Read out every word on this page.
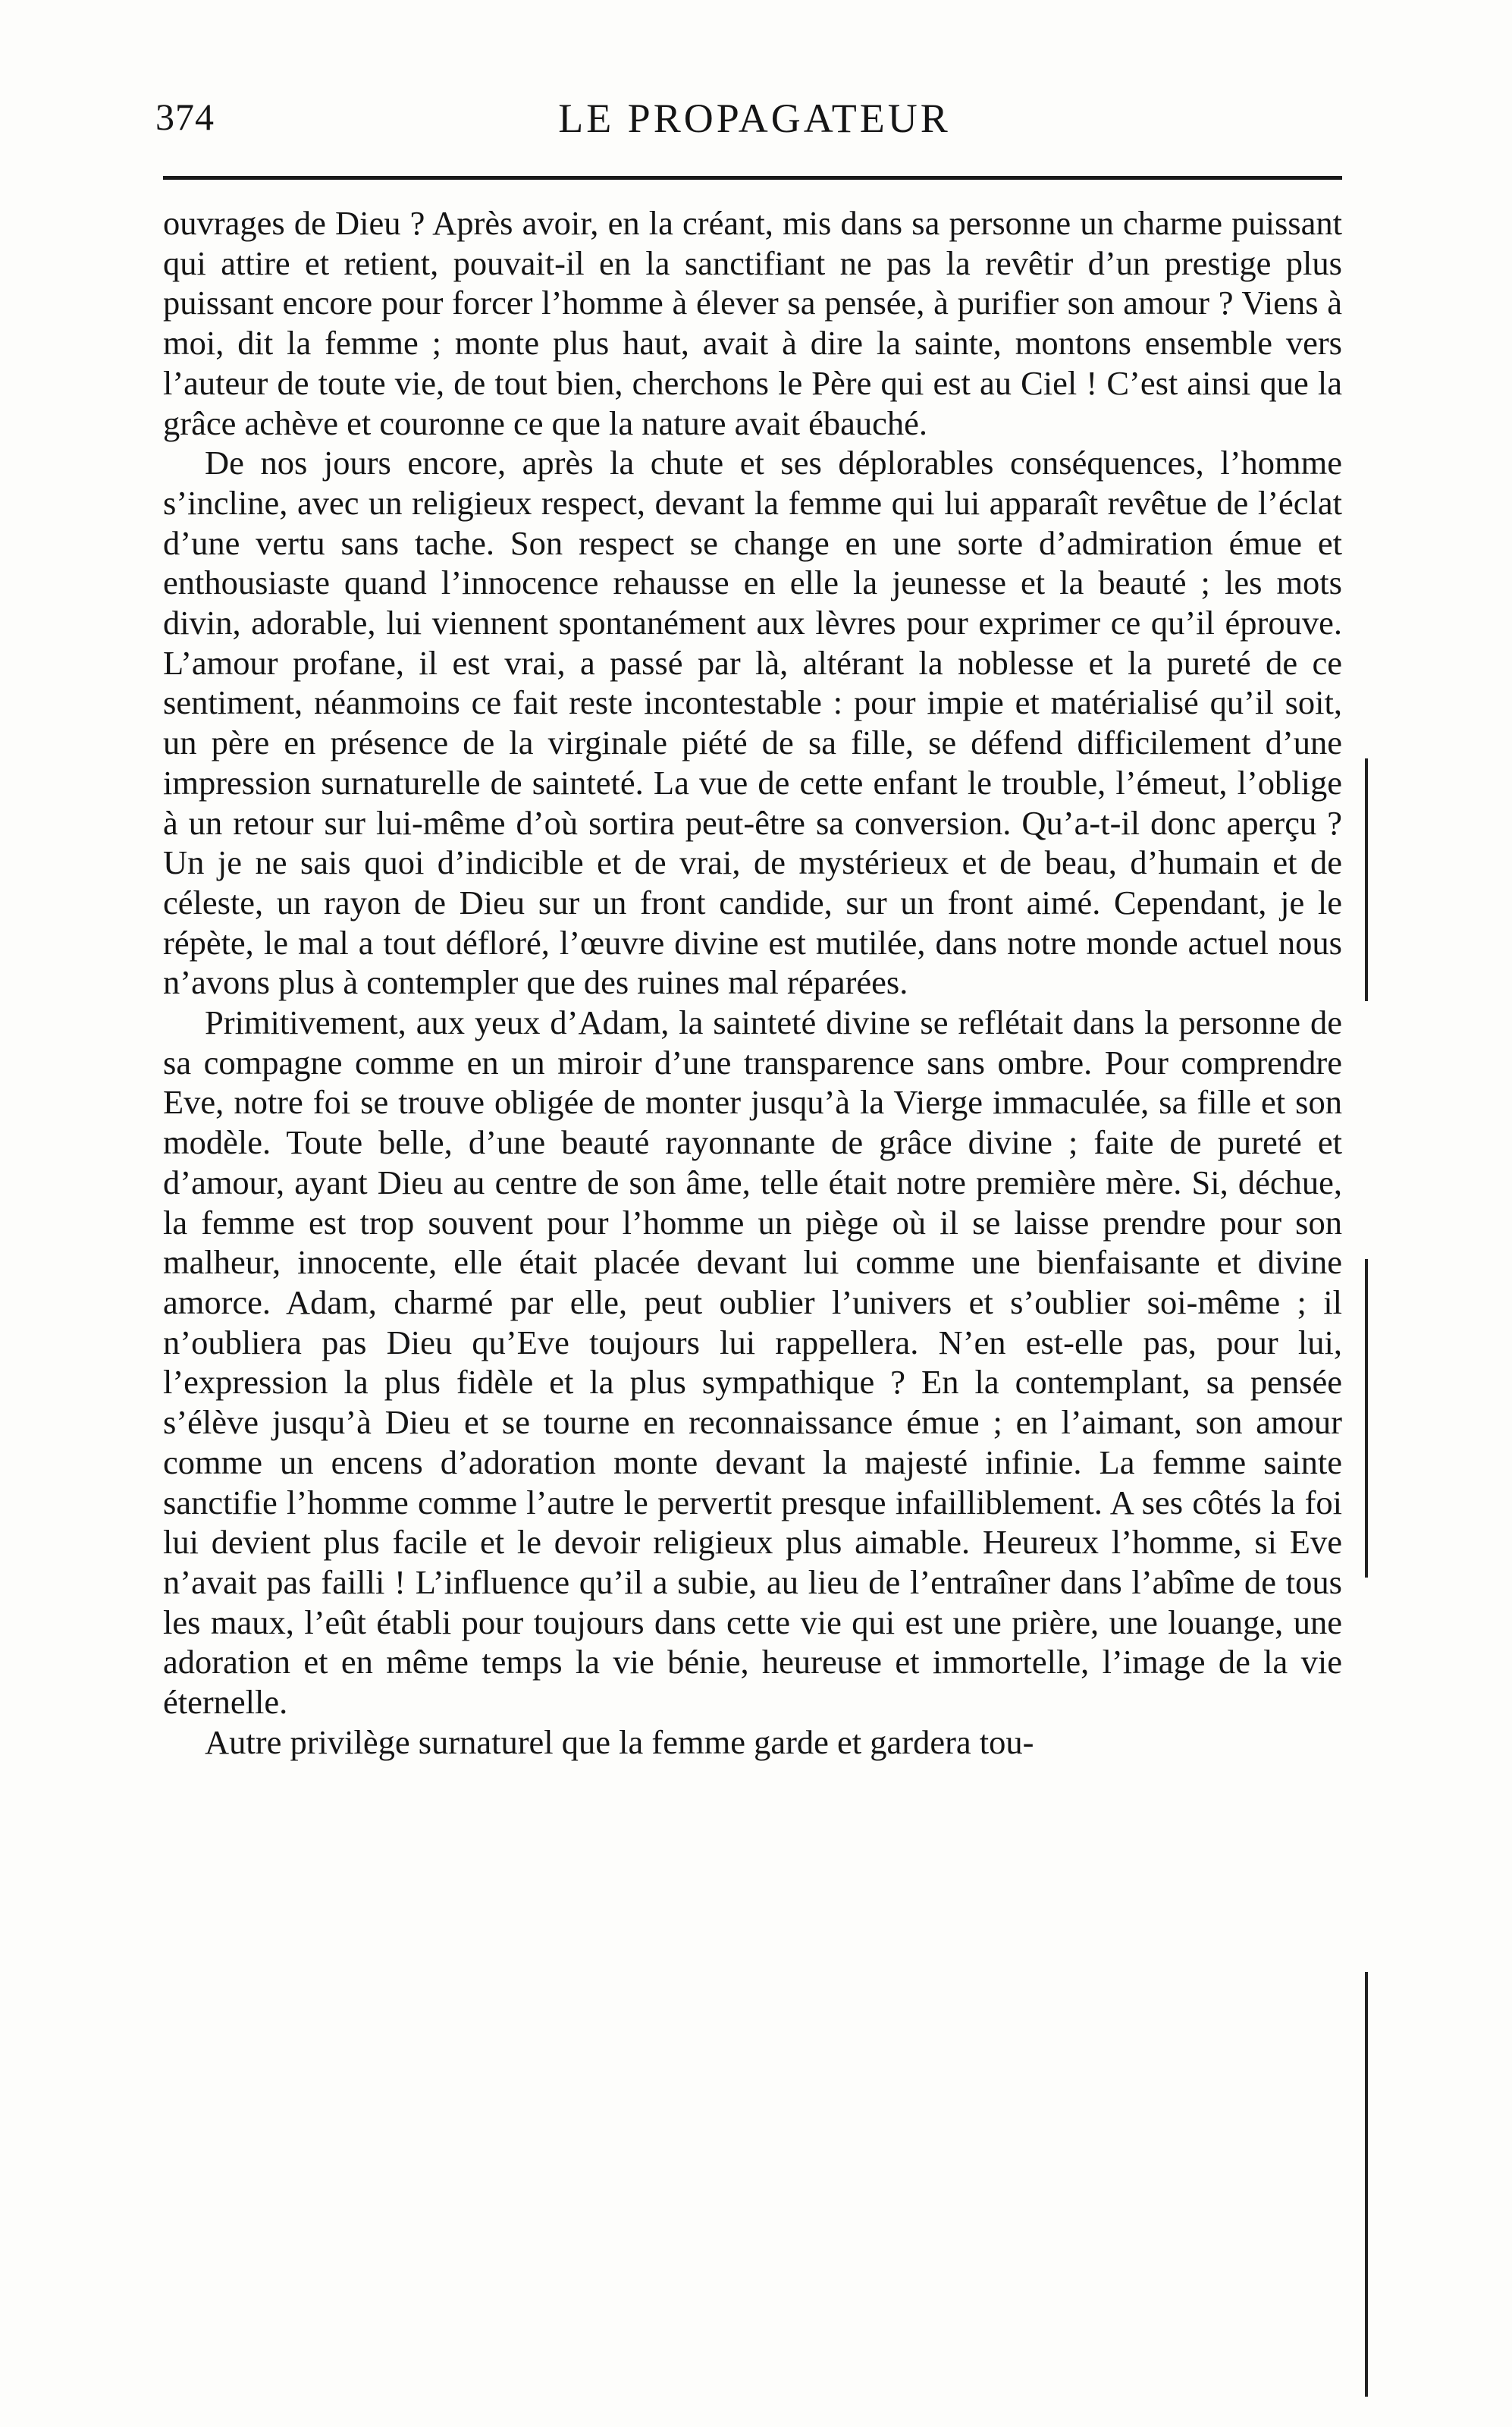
374	LE PROPAGATEUR

ouvrages de Dieu ? Après avoir, en la créant, mis dans sa personne un charme puissant qui attire et retient, pouvait-il en la sanctifiant ne pas la revêtir d’un prestige plus puissant encore pour forcer l’homme à élever sa pensée, à purifier son amour ? Viens à moi, dit la femme ; monte plus haut, avait à dire la sainte, montons ensemble vers l’auteur de toute vie, de tout bien, cherchons le Père qui est au Ciel ! C’est ainsi que la grâce achève et couronne ce que la nature avait ébauché.

De nos jours encore, après la chute et ses déplorables conséquences, l’homme s’incline, avec un religieux respect, devant la femme qui lui apparaît revêtue de l’éclat d’une vertu sans tache. Son respect se change en une sorte d’admiration émue et enthousiaste quand l’innocence rehausse en elle la jeunesse et la beauté ; les mots divin, adorable, lui viennent spontanément aux lèvres pour exprimer ce qu’il éprouve. L’amour profane, il est vrai, a passé par là, altérant la noblesse et la pureté de ce sentiment, néanmoins ce fait reste incontestable : pour impie et matérialisé qu’il soit, un père en présence de la virginale piété de sa fille, se défend difficilement d’une impression surnaturelle de sainteté. La vue de cette enfant le trouble, l’émeut, l’oblige à un retour sur lui-même d’où sortira peut-être sa conversion. Qu’a-t-il donc aperçu ? Un je ne sais quoi d’indicible et de vrai, de mystérieux et de beau, d’humain et de céleste, un rayon de Dieu sur un front candide, sur un front aimé. Cependant, je le répète, le mal a tout défloré, l’œuvre divine est mutilée, dans notre monde actuel nous n’avons plus à contempler que des ruines mal réparées.

Primitivement, aux yeux d’Adam, la sainteté divine se reflétait dans la personne de sa compagne comme en un miroir d’une transparence sans ombre. Pour comprendre Eve, notre foi se trouve obligée de monter jusqu’à la Vierge immaculée, sa fille et son modèle. Toute belle, d’une beauté rayonnante de grâce divine ; faite de pureté et d’amour, ayant Dieu au centre de son âme, telle était notre première mère. Si, déchue, la femme est trop souvent pour l’homme un piège où il se laisse prendre pour son malheur, innocente, elle était placée devant lui comme une bienfaisante et divine amorce. Adam, charmé par elle, peut oublier l’univers et s’oublier soi-même ; il n’oubliera pas Dieu qu’Eve toujours lui rappellera. N’en est-elle pas, pour lui, l’expression la plus fidèle et la plus sympathique ? En la contemplant, sa pensée s’élève jusqu’à Dieu et se tourne en reconnaissance émue ; en l’aimant, son amour comme un encens d’adoration monte devant la majesté infinie. La femme sainte sanctifie l’homme comme l’autre le pervertit presque infailliblement. A ses côtés la foi lui devient plus facile et le devoir religieux plus aimable. Heureux l’homme, si Eve n’avait pas failli ! L’influence qu’il a subie, au lieu de l’entraîner dans l’abîme de tous les maux, l’eût établi pour toujours dans cette vie qui est une prière, une louange, une adoration et en même temps la vie bénie, heureuse et immortelle, l’image de la vie éternelle.

Autre privilège surnaturel que la femme garde et gardera tou-
